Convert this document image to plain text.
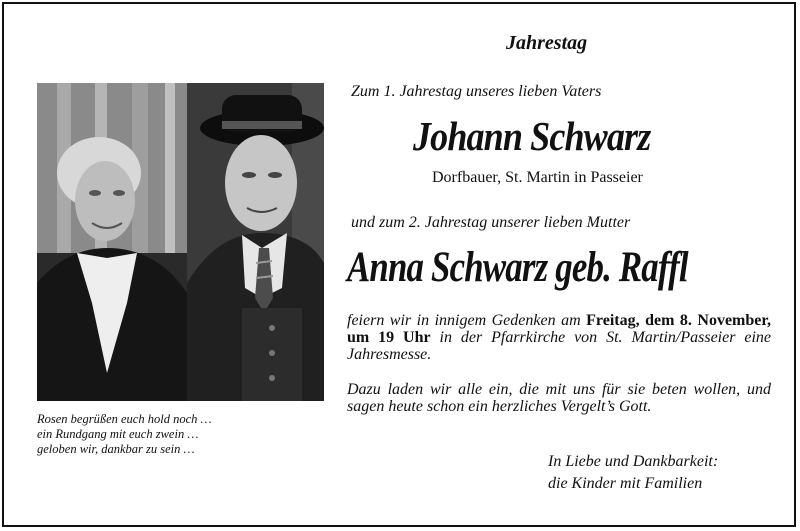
Rosen begrüßen euch hold noch …
ein Rundgang mit euch zwein …
geloben wir, dankbar zu sein …
Jahrestag
Zum 1. Jahrestag unseres lieben Vaters
Johann Schwarz
Dorfbauer, St. Martin in Passeier
und zum 2. Jahrestag unserer lieben Mutter
Anna Schwarz geb. Raffl
feiern wir in innigem Gedenken am Freitag, dem 8. November, um 19 Uhr in der Pfarrkirche von St. Martin/Passeier eine Jahresmesse.
Dazu laden wir alle ein, die mit uns für sie beten wollen, und sagen heute schon ein herzliches Vergelt’s Gott.
In Liebe und Dankbarkeit:
die Kinder mit Familien
